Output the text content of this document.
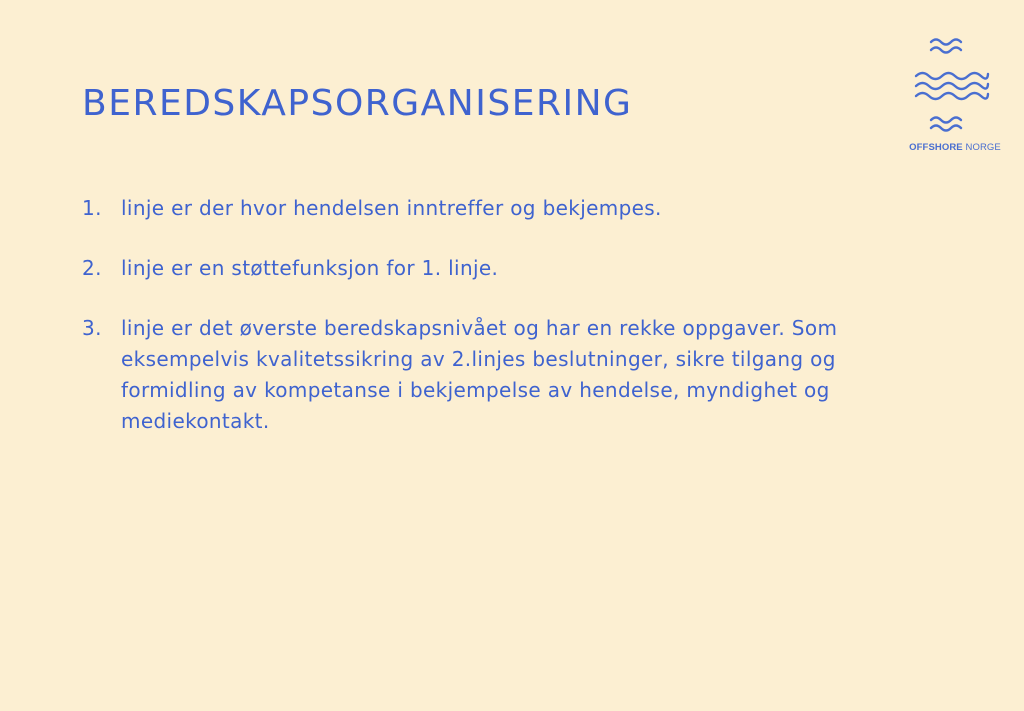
BEREDSKAPSORGANISERING
OFFSHORE NORGE
1. linje er der hvor hendelsen inntreffer og bekjempes.
2. linje er en støttefunksjon for 1. linje.
3. linje er det øverste beredskapsnivået og har en rekke oppgaver. Som eksempelvis kvalitetssikring av 2.linjes beslutninger, sikre tilgang og formidling av kompetanse i bekjempelse av hendelse, myndighet og mediekontakt.
